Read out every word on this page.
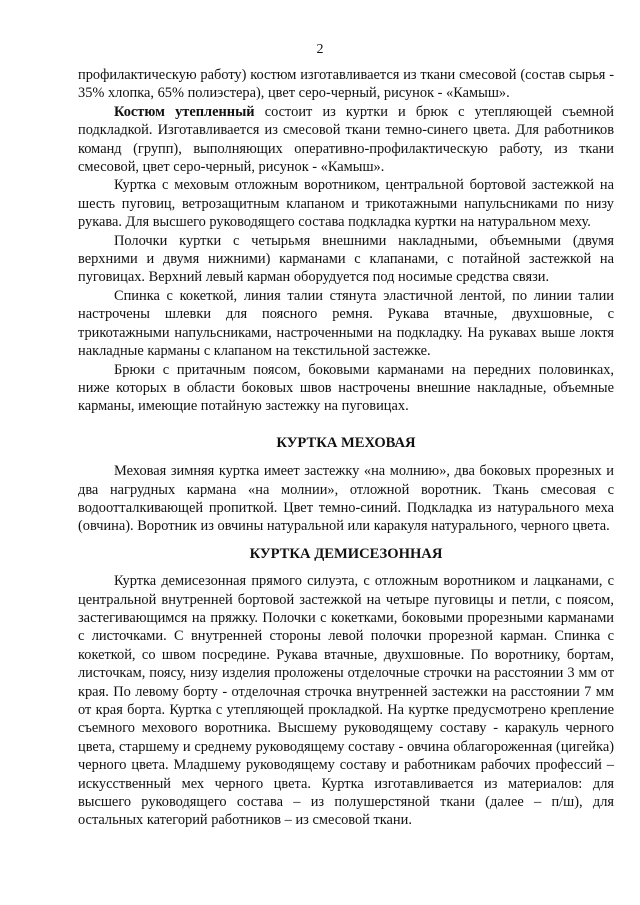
2

профилактическую работу) костюм изготавливается из ткани смесовой (состав сырья - 35% хлопка, 65% полиэстера), цвет серо-черный, рисунок - «Камыш».

Костюм утепленный состоит из куртки и брюк с утепляющей съемной подкладкой. Изготавливается из смесовой ткани темно-синего цвета. Для работников команд (групп), выполняющих оперативно-профилактическую работу, из ткани смесовой, цвет серо-черный, рисунок - «Камыш».

Куртка с меховым отложным воротником, центральной бортовой застежкой на шесть пуговиц, ветрозащитным клапаном и трикотажными напульсниками по низу рукава. Для высшего руководящего состава подкладка куртки на натуральном меху.

Полочки куртки с четырьмя внешними накладными, объемными (двумя верхними и двумя нижними) карманами с клапанами, с потайной застежкой на пуговицах. Верхний левый карман оборудуется под носимые средства связи.

Спинка с кокеткой, линия талии стянута эластичной лентой, по линии талии настрочены шлевки для поясного ремня. Рукава втачные, двухшовные, с трикотажными напульсниками, настроченными на подкладку. На рукавах выше локтя накладные карманы с клапаном на текстильной застежке.

Брюки с притачным поясом, боковыми карманами на передних половинках, ниже которых в области боковых швов настрочены внешние накладные, объемные карманы, имеющие потайную застежку на пуговицах.

КУРТКА МЕХОВАЯ

Меховая зимняя куртка имеет застежку «на молнию», два боковых прорезных и два нагрудных кармана «на молнии», отложной воротник. Ткань смесовая с водоотталкивающей пропиткой. Цвет темно-синий. Подкладка из натурального меха (овчина). Воротник из овчины натуральной или каракуля натурального, черного цвета.

КУРТКА ДЕМИСЕЗОННАЯ

Куртка демисезонная прямого силуэта, с отложным воротником и лацканами, с центральной внутренней бортовой застежкой на четыре пуговицы и петли, с поясом, застегивающимся на пряжку. Полочки с кокетками, боковыми прорезными карманами с листочками. С внутренней стороны левой полочки прорезной карман. Спинка с кокеткой, со швом посредине. Рукава втачные, двухшовные. По воротнику, бортам, листочкам, поясу, низу изделия проложены отделочные строчки на расстоянии 3 мм от края. По левому борту - отделочная строчка внутренней застежки на расстоянии 7 мм от края борта. Куртка с утепляющей прокладкой. На куртке предусмотрено крепление съемного мехового воротника. Высшему руководящему составу - каракуль черного цвета, старшему и среднему руководящему составу - овчина облагороженная (цигейка) черного цвета. Младшему руководящему составу и работникам рабочих профессий – искусственный мех черного цвета. Куртка изготавливается из материалов: для высшего руководящего состава – из полушерстяной ткани (далее – п/ш), для остальных категорий работников – из смесовой ткани.
